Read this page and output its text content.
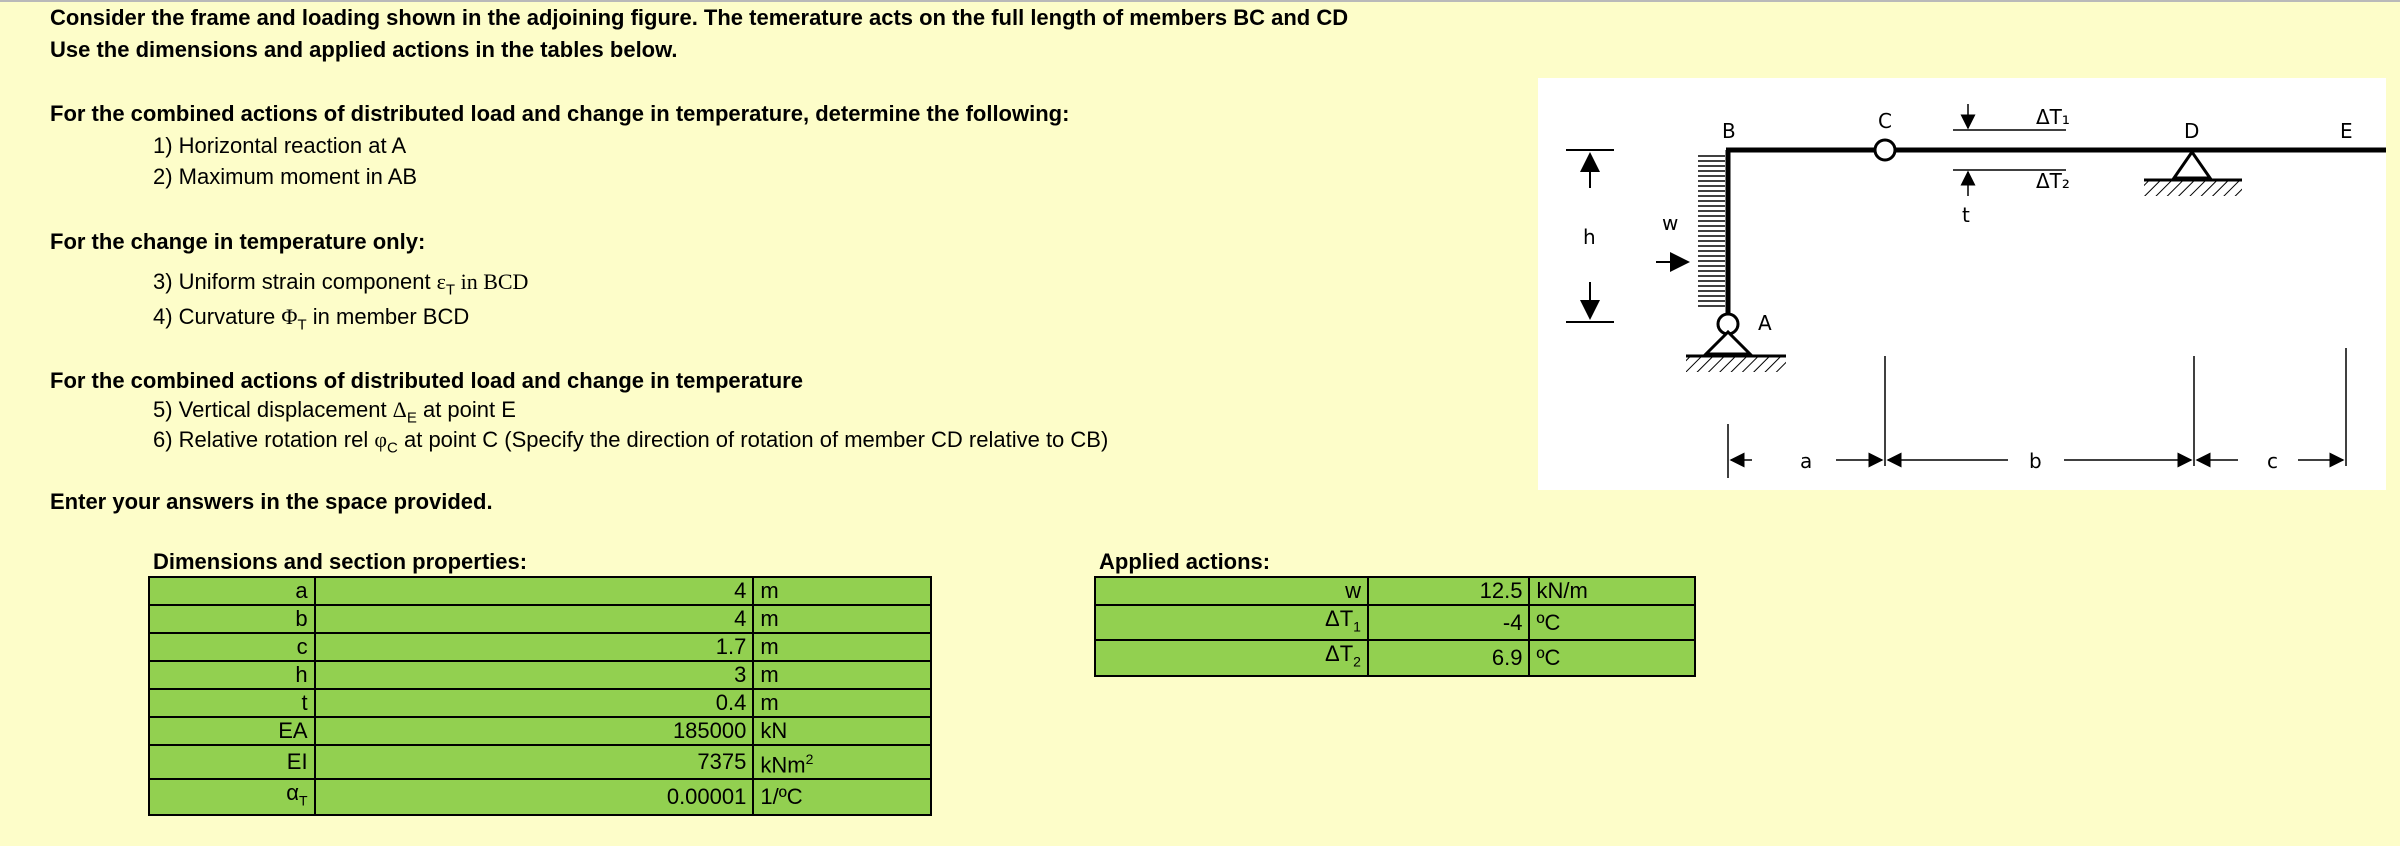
Consider the frame and loading shown in the adjoining figure. The temerature acts on the full length of members BC and CD
Use the dimensions and applied actions in the tables below.
For the combined actions of distributed load and change in temperature, determine the following:
1) Horizontal reaction at A
2) Maximum moment in AB
For the change in temperature only:
3) Uniform strain component $\varepsilon_T$ in BCD
4) Curvature $\Phi_T$ in member BCD
For the combined actions of distributed load and change in temperature
5) Vertical displacement $\Delta_E$ at point E
6) Relative rotation rel $\varphi_C$ at point C (Specify the direction of rotation of member CD relative to CB)
Enter your answers in the space provided.
Dimensions and section properties:
a	4	m
b	4	m
c	1.7	m
h	3	m
t	0.4	m
EA	185000	kN
EI	7375	kNm$^2$
$\alpha_T$	0.00001	1/ºC
Applied actions:
w	12.5	kN/m
$\Delta T_1$	-4	ºC
$\Delta T_2$	6.9	ºC
h
w
B	C	D	E
A
t
ΔT₁
ΔT₂
a	b	c
